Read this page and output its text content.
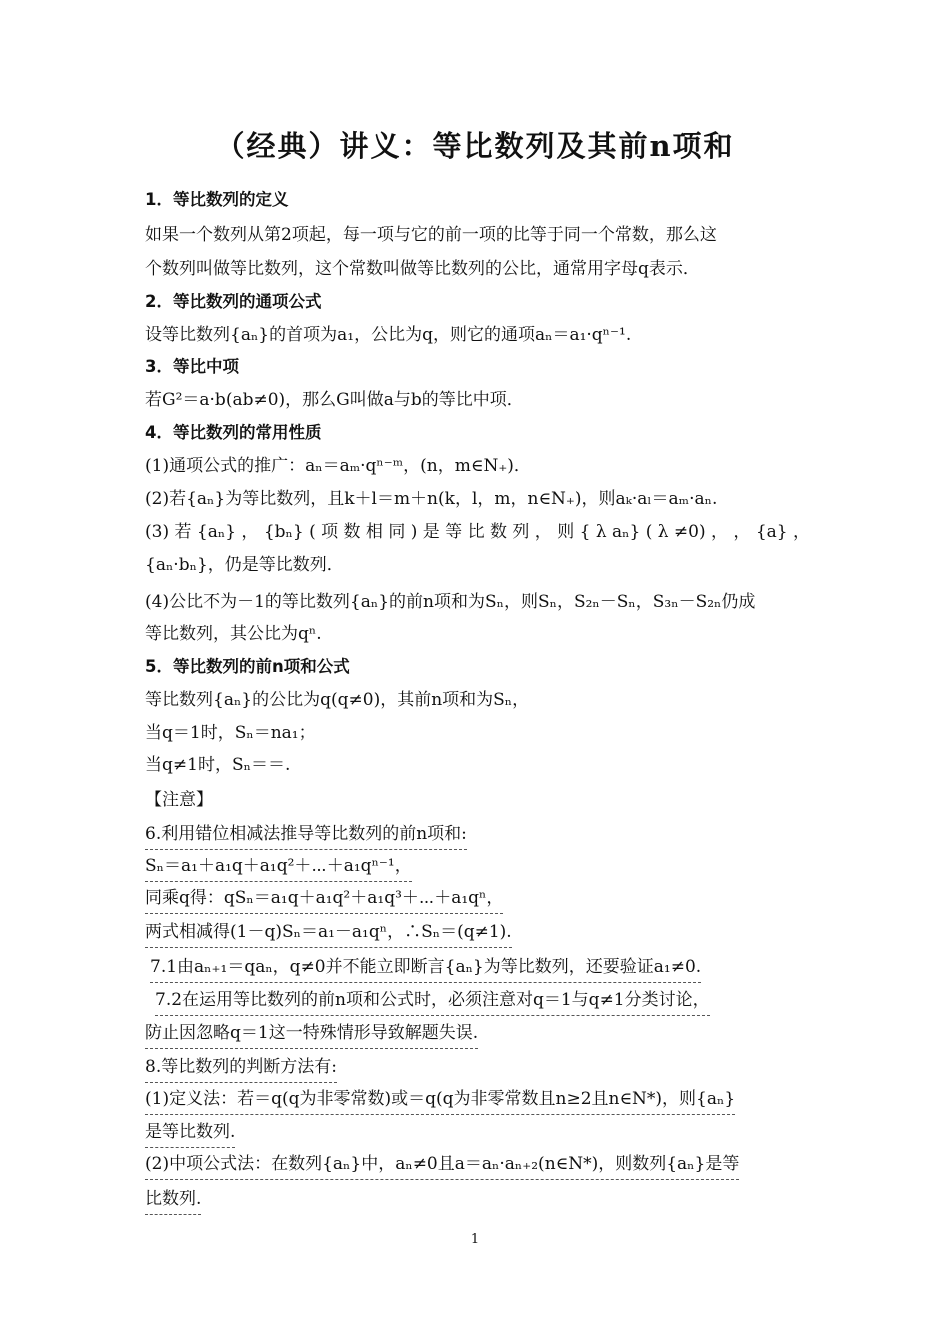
（经典）讲义：等比数列及其前n项和
1．等比数列的定义
如果一个数列从第2项起，每一项与它的前一项的比等于同一个常数，那么这
个数列叫做等比数列，这个常数叫做等比数列的公比，通常用字母q表示．
2．等比数列的通项公式
设等比数列{aₙ}的首项为a₁，公比为q，则它的通项aₙ＝a₁·qⁿ⁻¹.
3．等比中项
若G²＝a·b(ab≠0)，那么G叫做a与b的等比中项．
4．等比数列的常用性质
(1)通项公式的推广：aₙ＝aₘ·qⁿ⁻ᵐ，(n，m∈N₊)．
(2)若{aₙ}为等比数列，且k＋l＝m＋n(k，l，m，n∈N₊)，则aₖ·aₗ＝aₘ·aₙ.
(3) 若 {aₙ} ， {bₙ} ( 项 数 相 同 ) 是 等 比 数 列 ， 则 { λ aₙ} ( λ ≠0) ， ， {a} ，
{aₙ·bₙ}，仍是等比数列．
(4)公比不为－1的等比数列{aₙ}的前n项和为Sₙ，则Sₙ，S₂ₙ－Sₙ，S₃ₙ－S₂ₙ仍成
等比数列，其公比为qⁿ.
5．等比数列的前n项和公式
等比数列{aₙ}的公比为q(q≠0)，其前n项和为Sₙ，
当q＝1时，Sₙ＝na₁；
当q≠1时，Sₙ＝＝.
【注意】
6.利用错位相减法推导等比数列的前n项和:
Sₙ＝a₁＋a₁q＋a₁q²＋⋯＋a₁qⁿ⁻¹，
同乘q得：qSₙ＝a₁q＋a₁q²＋a₁q³＋⋯＋a₁qⁿ，
两式相减得(1－q)Sₙ＝a₁－a₁qⁿ，∴Sₙ＝(q≠1).
7.1由aₙ₊₁＝qaₙ，q≠0并不能立即断言{aₙ}为等比数列，还要验证a₁≠0.
7.2在运用等比数列的前n项和公式时，必须注意对q＝1与q≠1分类讨论，
防止因忽略q＝1这一特殊情形导致解题失误.
8.等比数列的判断方法有:
(1)定义法：若＝q(q为非零常数)或＝q(q为非零常数且n≥2且n∈N*)，则{aₙ}
是等比数列.
(2)中项公式法：在数列{aₙ}中，aₙ≠0且a＝aₙ·aₙ₊₂(n∈N*)，则数列{aₙ}是等
比数列.
1
